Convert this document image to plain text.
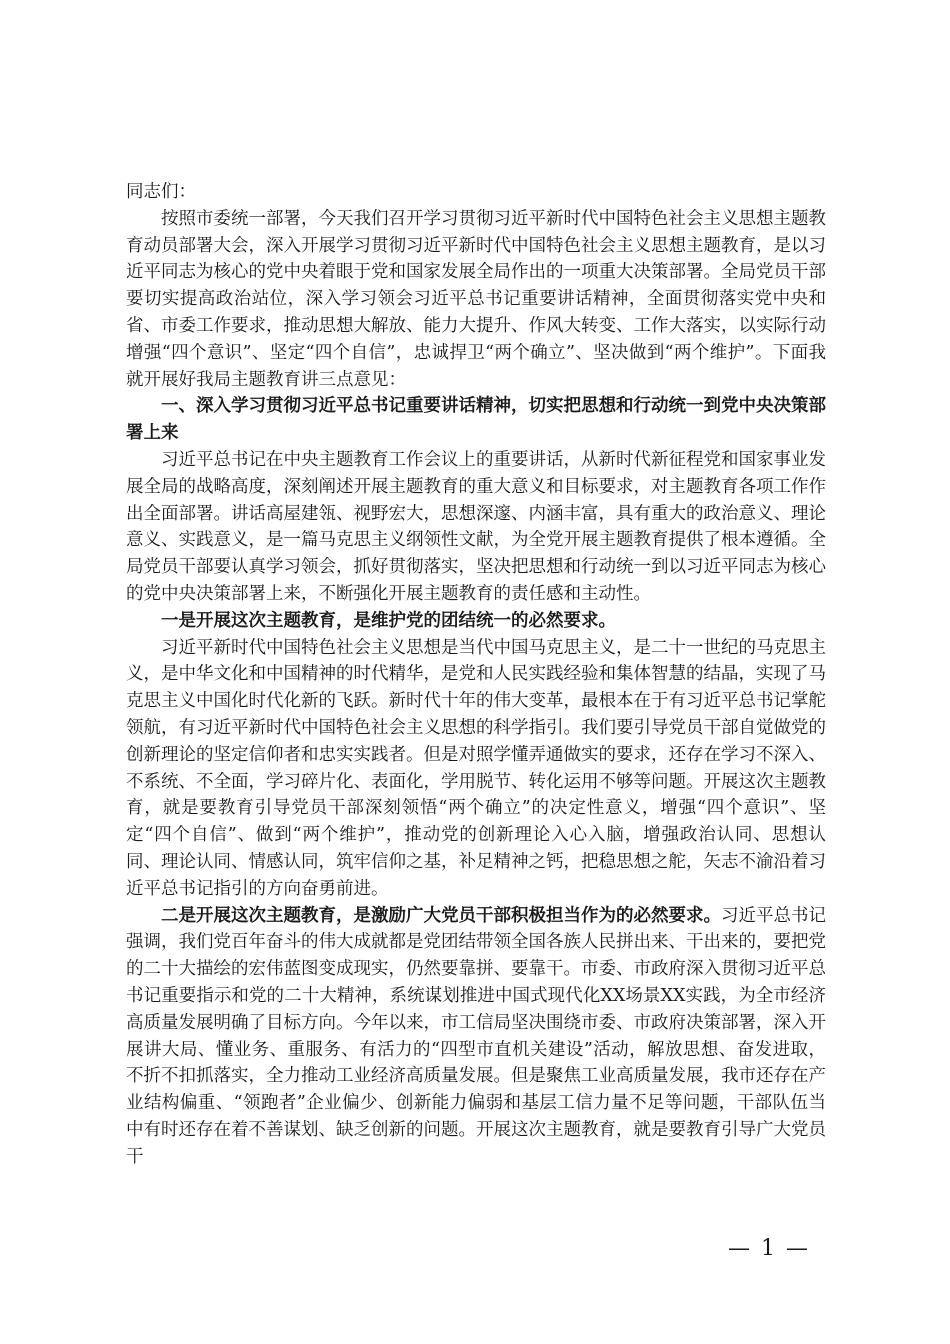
同志们：

按照市委统一部署，今天我们召开学习贯彻习近平新时代中国特色社会主义思想主题教育动员部署大会，深入开展学习贯彻习近平新时代中国特色社会主义思想主题教育，是以习近平同志为核心的党中央着眼于党和国家发展全局作出的一项重大决策部署。全局党员干部要切实提高政治站位，深入学习领会习近平总书记重要讲话精神，全面贯彻落实党中央和省、市委工作要求，推动思想大解放、能力大提升、作风大转变、工作大落实，以实际行动增强“四个意识”、坚定“四个自信”，忠诚捍卫“两个确立”、坚决做到“两个维护”。下面我就开展好我局主题教育讲三点意见：

一、深入学习贯彻习近平总书记重要讲话精神，切实把思想和行动统一到党中央决策部署上来

习近平总书记在中央主题教育工作会议上的重要讲话，从新时代新征程党和国家事业发展全局的战略高度，深刻阐述开展主题教育的重大意义和目标要求，对主题教育各项工作作出全面部署。讲话高屋建瓴、视野宏大，思想深邃、内涵丰富，具有重大的政治意义、理论意义、实践意义，是一篇马克思主义纲领性文献，为全党开展主题教育提供了根本遵循。全局党员干部要认真学习领会，抓好贯彻落实，坚决把思想和行动统一到以习近平同志为核心的党中央决策部署上来，不断强化开展主题教育的责任感和主动性。

一是开展这次主题教育，是维护党的团结统一的必然要求。

习近平新时代中国特色社会主义思想是当代中国马克思主义，是二十一世纪的马克思主义，是中华文化和中国精神的时代精华，是党和人民实践经验和集体智慧的结晶，实现了马克思主义中国化时代化新的飞跃。新时代十年的伟大变革，最根本在于有习近平总书记掌舵领航，有习近平新时代中国特色社会主义思想的科学指引。我们要引导党员干部自觉做党的创新理论的坚定信仰者和忠实实践者。但是对照学懂弄通做实的要求，还存在学习不深入、不系统、不全面，学习碎片化、表面化，学用脱节、转化运用不够等问题。开展这次主题教育，就是要教育引导党员干部深刻领悟“两个确立”的决定性意义，增强“四个意识”、坚定“四个自信”、做到“两个维护”，推动党的创新理论入心入脑，增强政治认同、思想认同、理论认同、情感认同，筑牢信仰之基，补足精神之钙，把稳思想之舵，矢志不渝沿着习近平总书记指引的方向奋勇前进。

二是开展这次主题教育，是激励广大党员干部积极担当作为的必然要求。习近平总书记强调，我们党百年奋斗的伟大成就都是党团结带领全国各族人民拼出来、干出来的，要把党的二十大描绘的宏伟蓝图变成现实，仍然要靠拼、要靠干。市委、市政府深入贯彻习近平总书记重要指示和党的二十大精神，系统谋划推进中国式现代化XX场景XX实践，为全市经济高质量发展明确了目标方向。今年以来，市工信局坚决围绕市委、市政府决策部署，深入开展讲大局、懂业务、重服务、有活力的“四型市直机关建设”活动，解放思想、奋发进取，不折不扣抓落实，全力推动工业经济高质量发展。但是聚焦工业高质量发展，我市还存在产业结构偏重、“领跑者”企业偏少、创新能力偏弱和基层工信力量不足等问题，干部队伍当中有时还存在着不善谋划、缺乏创新的问题。开展这次主题教育，就是要教育引导广大党员干

— 1 —
